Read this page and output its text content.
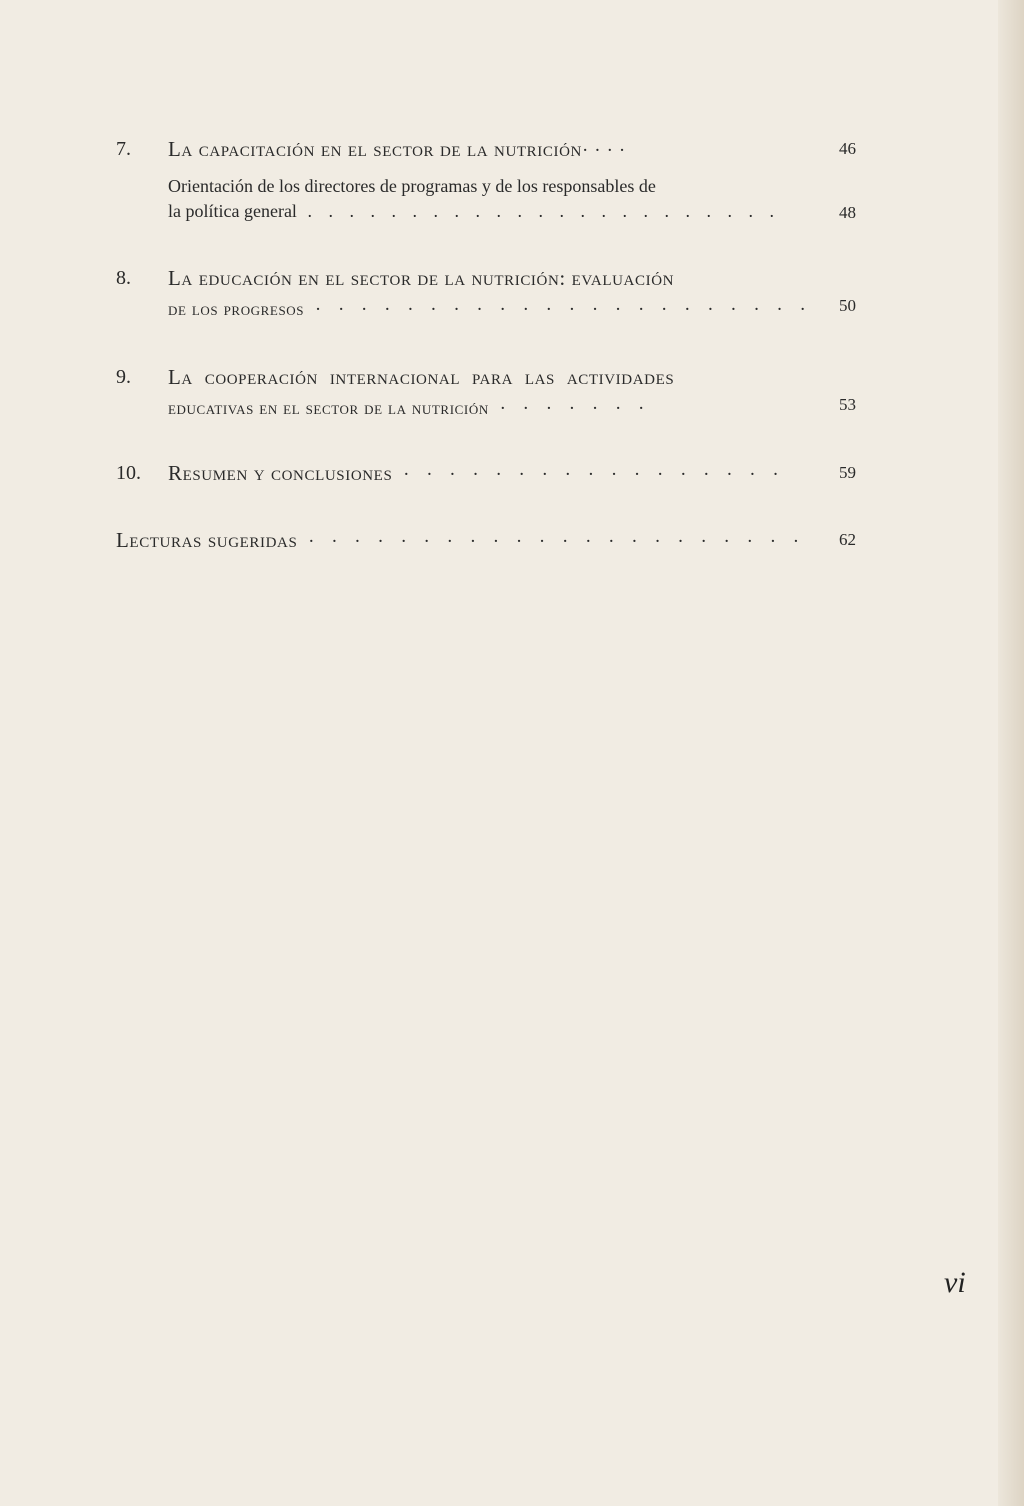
7.	La capacitación en el sector de la nutrición····	46
Orientación de los directores de programas y de los responsables de
la política general . . . . . . . . . . . . . . . . . . . . . . .	48
8.	La educación en el sector de la nutrición: evaluación
de los progresos · · · · · · · · · · · · · · · · · · · · · ·	50
9.	La cooperación internacional para las actividades
educativas en el sector de la nutrición · · · · · · ·	53
10.	Resumen y conclusiones · · · · · · · · · · · · · · · · ·	59
Lecturas sugeridas · · · · · · · · · · · · · · · · · · · · · ·	62
vi
